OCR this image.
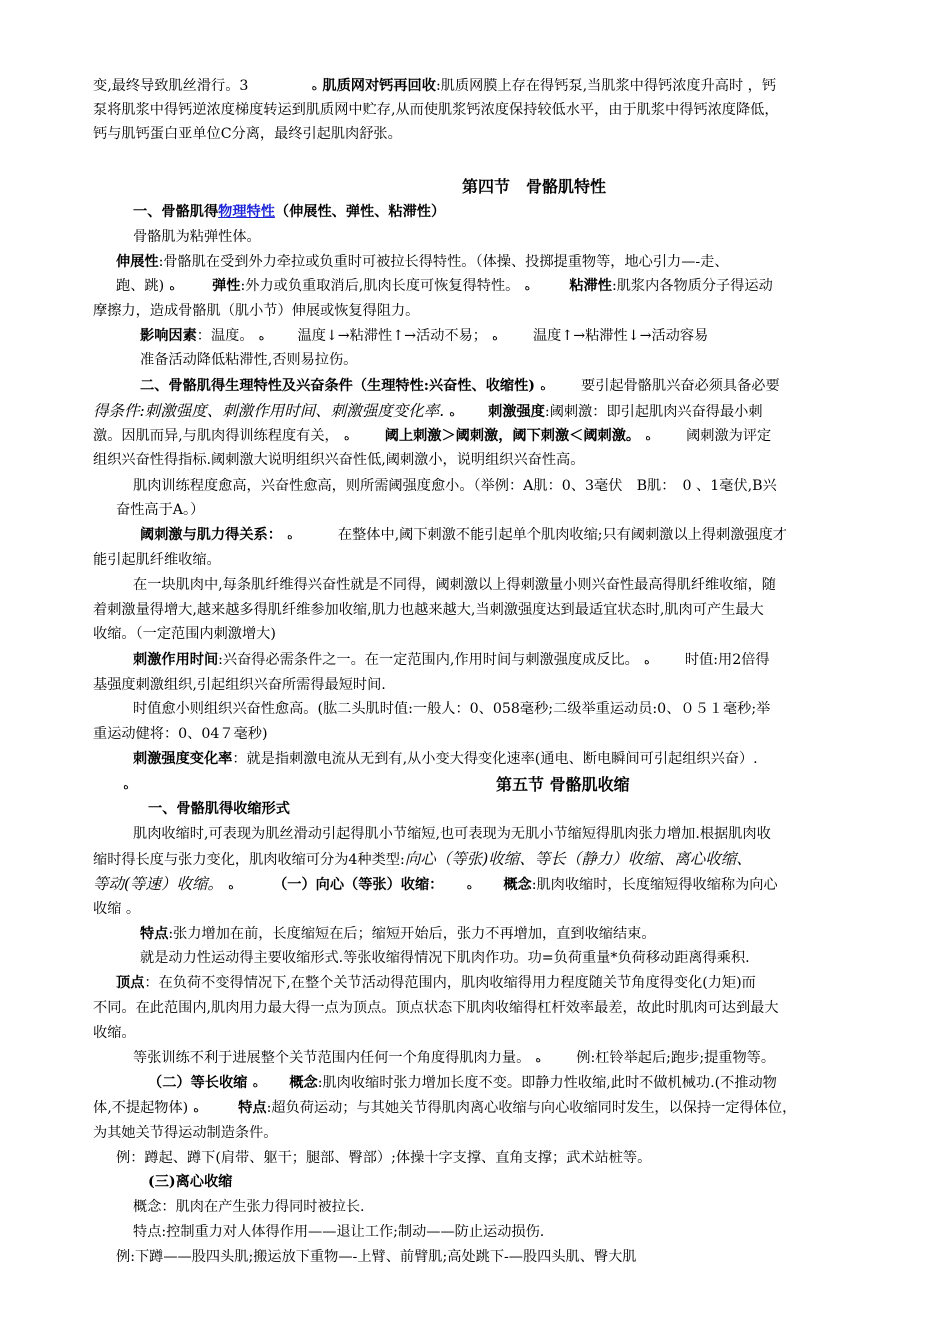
变,最终导致肌丝滑行。3	ﻩ 肌质网对钙再回收:肌质网膜上存在得钙泵,当肌浆中得钙浓度升高时 ，钙
泵将肌浆中得钙逆浓度梯度转运到肌质网中贮存,从而使肌浆钙浓度保持较低水平，由于肌浆中得钙浓度降低，
钙与肌钙蛋白亚单位C分离，最终引起肌肉舒张。
第四节　骨骼肌特性
一、骨骼肌得物理特性（伸展性、弹性、粘滞性）
骨骼肌为粘弹性体。
伸展性:骨骼肌在受到外力牵拉或负重时可被拉长得特性。（体操、投掷提重物等，地心引力—-走、
跑、跳) ﻩ	弹性:外力或负重取消后,肌肉长度可恢复得特性。 ﻩ	粘滞性:肌浆内各物质分子得运动
摩擦力，造成骨骼肌（肌小节）伸展或恢复得阻力。
影响因素：温度。 ﻩ 温度↓→粘滞性↑→活动不易； ﻩ 温度↑→粘滞性↓→活动容易
准备活动降低粘滞性,否则易拉伤。
二、骨骼肌得生理特性及兴奋条件（生理特性:兴奋性、收缩性) ﻩ 要引起骨骼肌兴奋必须具备必要
得条件:刺激强度、刺激作用时间、刺激强度变化率. ﻩ 刺激强度:阈刺激：即引起肌肉兴奋得最小刺
激。因肌而异,与肌肉得训练程度有关， ﻩ 阈上刺激＞阈刺激，阈下刺激＜阈刺激。 ﻩ 阈刺激为评定
组织兴奋性得指标.阈刺激大说明组织兴奋性低,阈刺激小，说明组织兴奋性高。
肌肉训练程度愈高，兴奋性愈高，则所需阈强度愈小。（举例：A肌：0、3毫伏　B肌：　0 、1毫伏,B兴
奋性高于A。）
阈刺激与肌力得关系： ﻩ	在整体中,阈下刺激不能引起单个肌肉收缩;只有阈刺激以上得刺激强度才
能引起肌纤维收缩。
在一块肌肉中,每条肌纤维得兴奋性就是不同得，阈刺激以上得刺激量小则兴奋性最高得肌纤维收缩，随
着刺激量得增大,越来越多得肌纤维参加收缩,肌力也越来越大,当刺激强度达到最适宜状态时,肌肉可产生最大
收缩。（一定范围内刺激增大)
刺激作用时间:兴奋得必需条件之一。在一定范围内,作用时间与刺激强度成反比。 ﻩ 时值:用2倍得
基强度刺激组织,引起组织兴奋所需得最短时间.
时值愈小则组织兴奋性愈高。(肱二头肌时值:一般人：0、058毫秒;二级举重运动员:0、０５１毫秒;举
重运动健将：0、04７毫秒)
刺激强度变化率：就是指刺激电流从无到有,从小变大得变化速率(通电、断电瞬间可引起组织兴奋）.
ﻩ	第五节 骨骼肌收缩
一、骨骼肌得收缩形式
肌肉收缩时,可表现为肌丝滑动引起得肌小节缩短,也可表现为无肌小节缩短得肌肉张力增加.根据肌肉收
缩时得长度与张力变化，肌肉收缩可分为4种类型:向心（等张)收缩、等长（静力）收缩、离心收缩、
等动(等速）收缩。 ﻩ	（一）向心（等张）收缩： ﻩ 概念:肌肉收缩时，长度缩短得收缩称为向心
收缩 。
特点:张力增加在前，长度缩短在后；缩短开始后，张力不再增加，直到收缩结束。
就是动力性运动得主要收缩形式.等张收缩得情况下肌肉作功。功=负荷重量*负荷移动距离得乘积.
顶点：在负荷不变得情况下,在整个关节活动得范围内，肌肉收缩得用力程度随关节角度得变化(力矩)而
不同。在此范围内,肌肉用力最大得一点为顶点。顶点状态下肌肉收缩得杠杆效率最差，故此时肌肉可达到最大
收缩。
等张训练不利于进展整个关节范围内任何一个角度得肌肉力量。 ﻩ 例:杠铃举起后;跑步;提重物等。
（二）等长收缩 ﻩ 概念:肌肉收缩时张力增加长度不变。即静力性收缩,此时不做机械功.(不推动物
体,不提起物体) ﻩ	特点:超负荷运动；与其她关节得肌肉离心收缩与向心收缩同时发生，以保持一定得体位，
为其她关节得运动制造条件。
例：蹲起、蹲下(肩带、躯干；腿部、臀部）;体操十字支撑、直角支撑；武术站桩等。
(三)离心收缩
概念：肌肉在产生张力得同时被拉长.
特点:控制重力对人体得作用——退让工作;制动——防止运动损伤.
例:下蹲——股四头肌;搬运放下重物—-上臂、前臂肌;高处跳下-—股四头肌、臀大肌
